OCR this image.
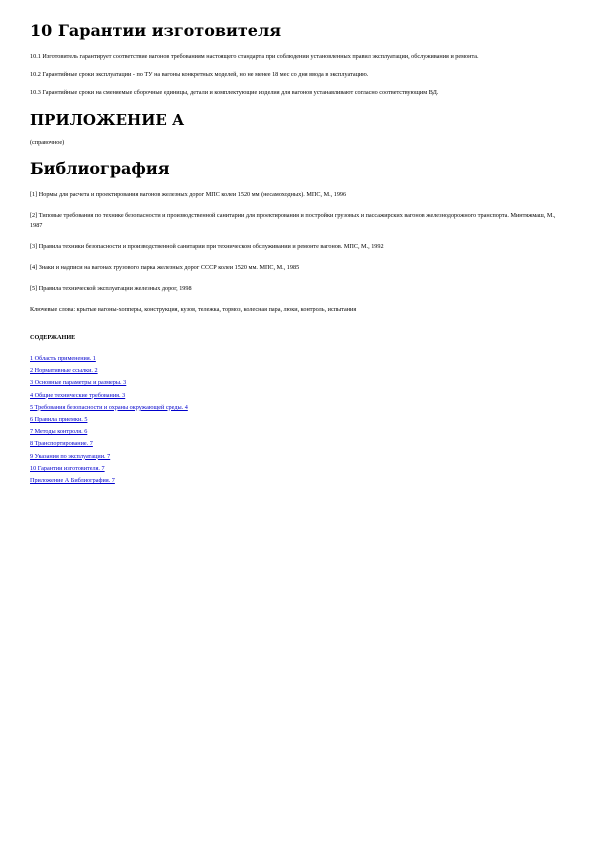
10 Гарантии изготовителя

10.1 Изготовитель гарантирует соответствие вагонов требованиям настоящего стандарта при соблюдении установленных правил эксплуатации, обслуживания и ремонта.

10.2 Гарантийные сроки эксплуатации - по ТУ на вагоны конкретных моделей, но не менее 18 мес со дня ввода в эксплуатацию.

10.3 Гарантийные сроки на сменяемые сборочные единицы, детали и комплектующие изделия для вагонов устанавливают согласно соответствующим ВД.

ПРИЛОЖЕНИЕ А

(справочное)

Библиография

[1] Нормы для расчета и проектирования вагонов железных дорог МПС колеи 1520 мм (несамоходных). МПС, М., 1996

[2] Типовые требования по технике безопасности и производственной санитарии для проектирования и постройки грузовых и пассажирских вагонов железнодорожного транспорта. Минтяжмаш, М., 1987

[3] Правила техники безопасности и производственной санитарии при техническом обслуживании и ремонте вагонов. МПС, М., 1992

[4] Знаки и надписи на вагонах грузового парка железных дорог СССР колеи 1520 мм. МПС, М., 1985

[5] Правила технической эксплуатации железных дорог, 1998

Ключевые слова: крытые вагоны-хопперы, конструкция, кузов, тележка, тормоз, колесная пара, люки, контроль, испытания

СОДЕРЖАНИЕ
1 Область применения. 1
2 Нормативные ссылки. 2
3 Основные параметры и размеры. 3
4 Общие технические требования. 3
5 Требования безопасности и охраны окружающей среды. 4
6 Правила приемки. 5
7 Методы контроля. 6
8 Транспортирование. 7
9 Указания по эксплуатации. 7
10 Гарантии изготовителя. 7
Приложение А Библиография. 7
